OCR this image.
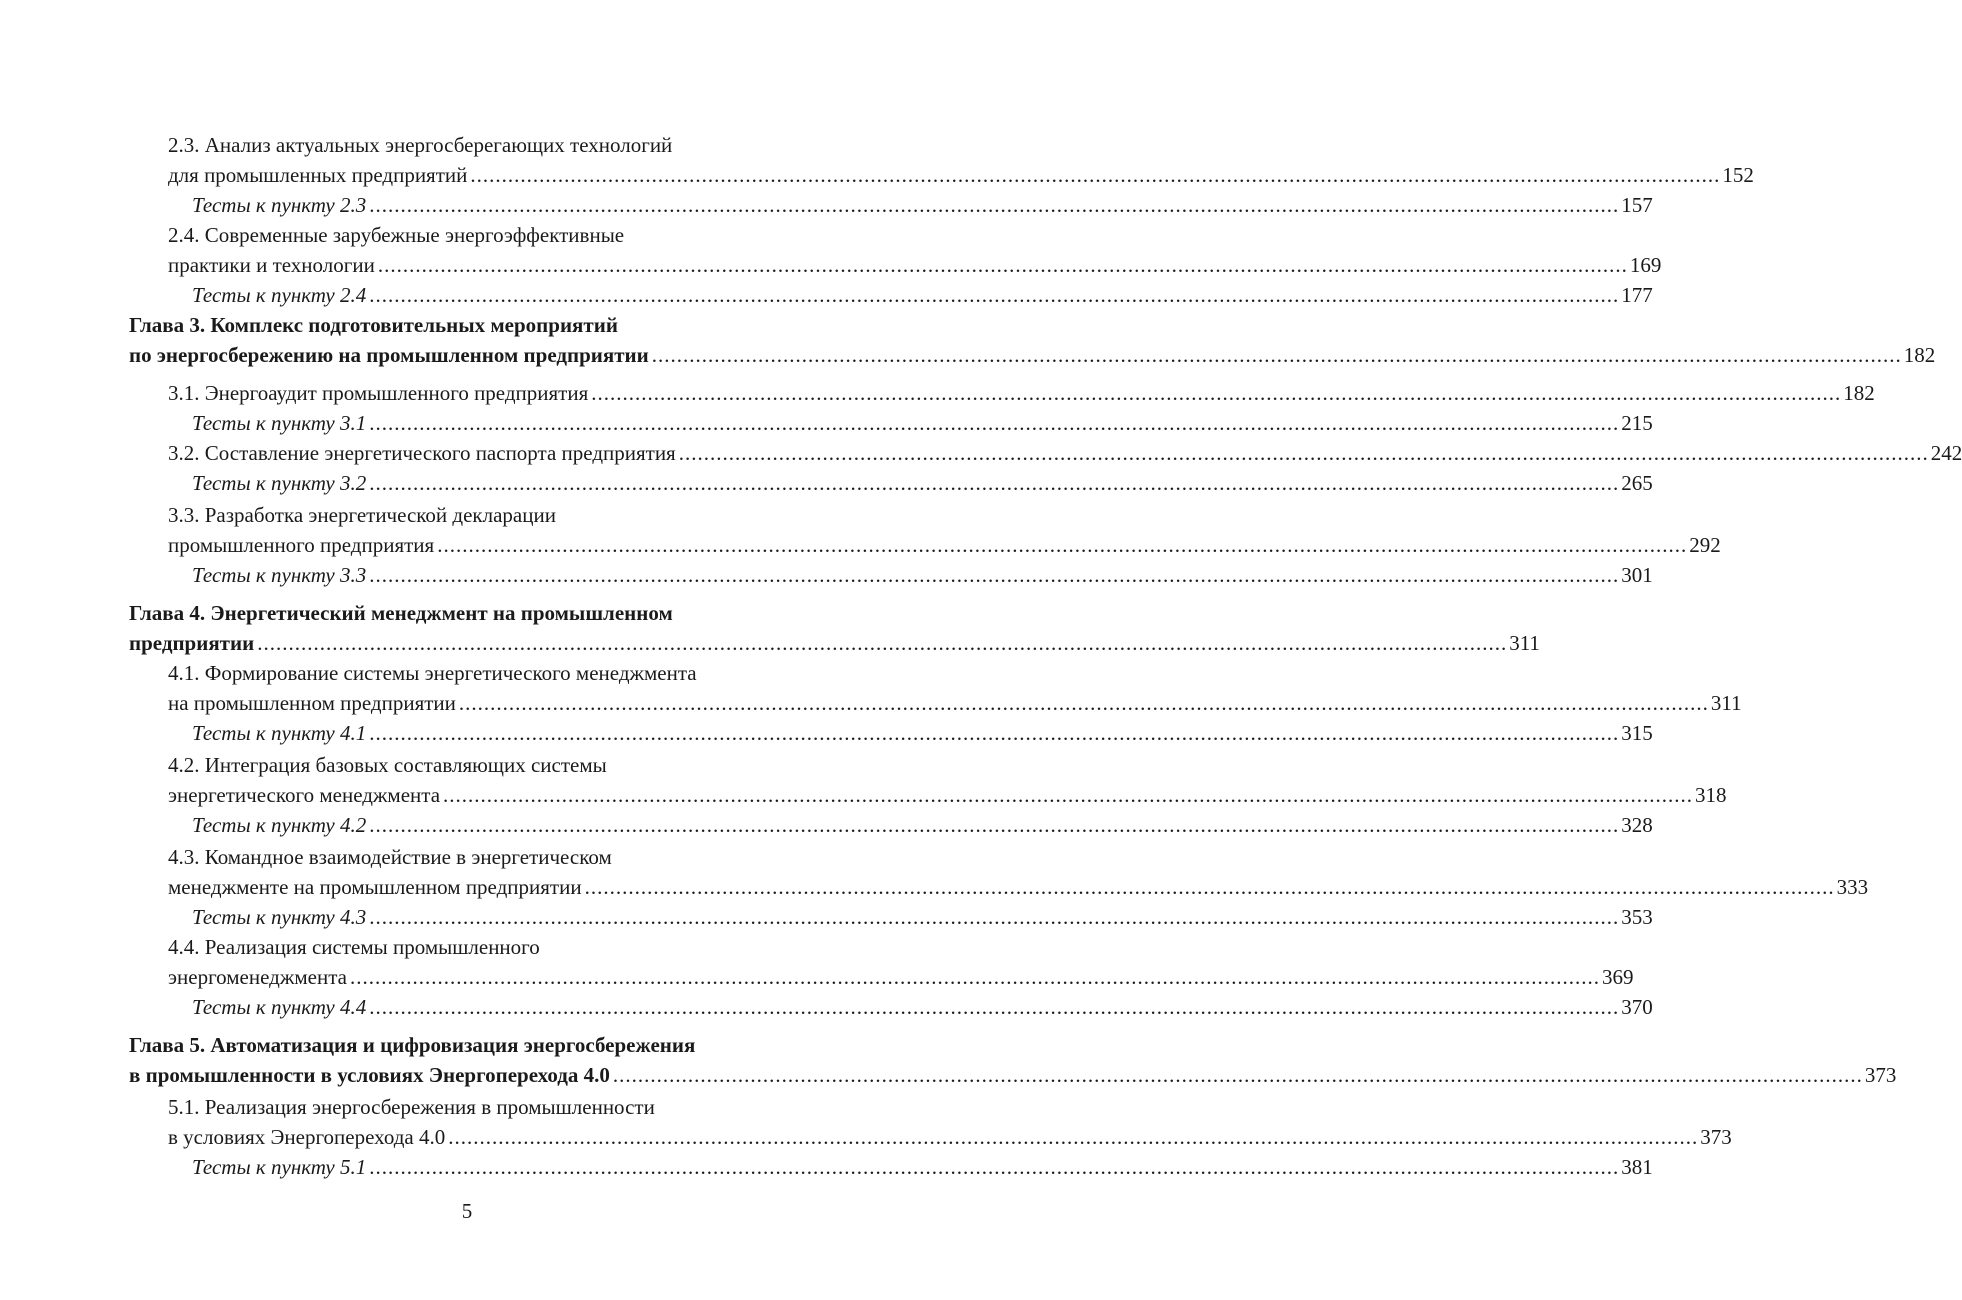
2.3. Анализ актуальных энергосберегающих технологий
для промышленных предприятий ........................................................................................................................................................................................................ 152
Тесты к пункту 2.3 ........................................................................................................................................................................................................ 157
2.4. Современные зарубежные энергоэффективные
практики и технологии ........................................................................................................................................................................................................ 169
Тесты к пункту 2.4 ........................................................................................................................................................................................................ 177
Глава 3. Комплекс подготовительных мероприятий
по энергосбережению на промышленном предприятии ........................................................................................................................................................................................................ 182
3.1. Энергоаудит промышленного предприятия ........................................................................................................................................................................................................ 182
Тесты к пункту 3.1 ........................................................................................................................................................................................................ 215
3.2. Составление энергетического паспорта предприятия ........................................................................................................................................................................................................ 242
Тесты к пункту 3.2 ........................................................................................................................................................................................................ 265
3.3. Разработка энергетической декларации
промышленного предприятия ........................................................................................................................................................................................................ 292
Тесты к пункту 3.3 ........................................................................................................................................................................................................ 301
Глава 4. Энергетический менеджмент на промышленном
предприятии ........................................................................................................................................................................................................ 311
4.1. Формирование системы энергетического менеджмента
на промышленном предприятии ........................................................................................................................................................................................................ 311
Тесты к пункту 4.1 ........................................................................................................................................................................................................ 315
4.2. Интеграция базовых составляющих системы
энергетического менеджмента ........................................................................................................................................................................................................ 318
Тесты к пункту 4.2 ........................................................................................................................................................................................................ 328
4.3. Командное взаимодействие в энергетическом
менеджменте на промышленном предприятии ........................................................................................................................................................................................................ 333
Тесты к пункту 4.3 ........................................................................................................................................................................................................ 353
4.4. Реализация системы промышленного
энергоменеджмента ........................................................................................................................................................................................................ 369
Тесты к пункту 4.4 ........................................................................................................................................................................................................ 370
Глава 5. Автоматизация и цифровизация энергосбережения
в промышленности в условиях Энергоперехода 4.0 ........................................................................................................................................................................................................ 373
5.1. Реализация энергосбережения в промышленности
в условиях Энергоперехода 4.0 ........................................................................................................................................................................................................ 373
Тесты к пункту 5.1 ........................................................................................................................................................................................................ 381
5
